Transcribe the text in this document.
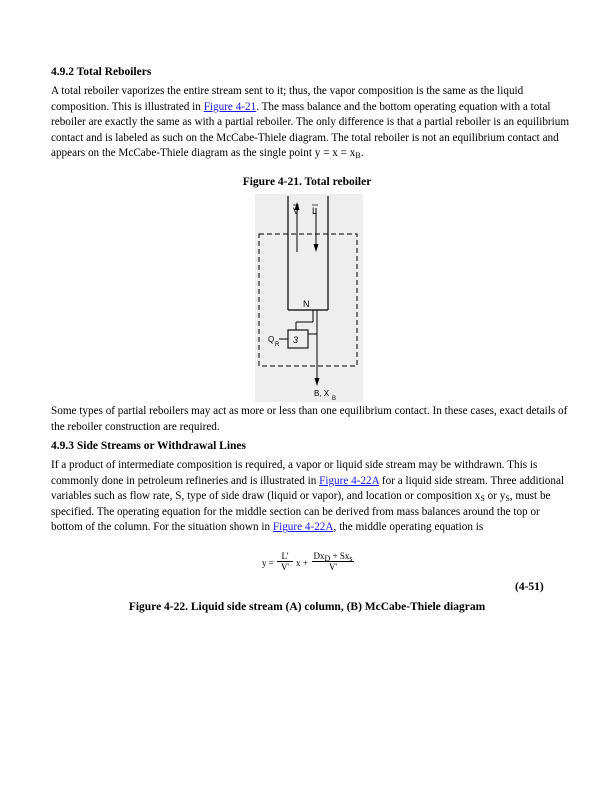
4.9.2 Total Reboilers
A total reboiler vaporizes the entire stream sent to it; thus, the vapor composition is the same as the liquid composition. This is illustrated in Figure 4-21. The mass balance and the bottom operating equation with a total reboiler are exactly the same as with a partial reboiler. The only difference is that a partial reboiler is an equilibrium contact and is labeled as such on the McCabe-Thiele diagram. The total reboiler is not an equilibrium contact and appears on the McCabe-Thiele diagram as the single point $y = x = x_B$.
Figure 4-21. Total reboiler
V L
N
3
Q
R
B, X
B
Some types of partial reboilers may act as more or less than one equilibrium contact. In these cases, exact details of the reboiler construction are required.
4.9.3 Side Streams or Withdrawal Lines
If a product of intermediate composition is required, a vapor or liquid side stream may be withdrawn. This is commonly done in petroleum refineries and is illustrated in Figure 4-22A for a liquid side stream. Three additional variables such as flow rate, S, type of side draw (liquid or vapor), and location or composition $x_S$ or $y_S$, must be specified. The operating equation for the middle section can be derived from mass balances around the top or bottom of the column. For the situation shown in Figure 4-22A, the middle operating equation is
$y = \frac{L'}{V'}$ x +
$Dx_D + Sx_s$
V'
(4-51)
Figure 4-22. Liquid side stream (A) column, (B) McCabe-Thiele diagram
